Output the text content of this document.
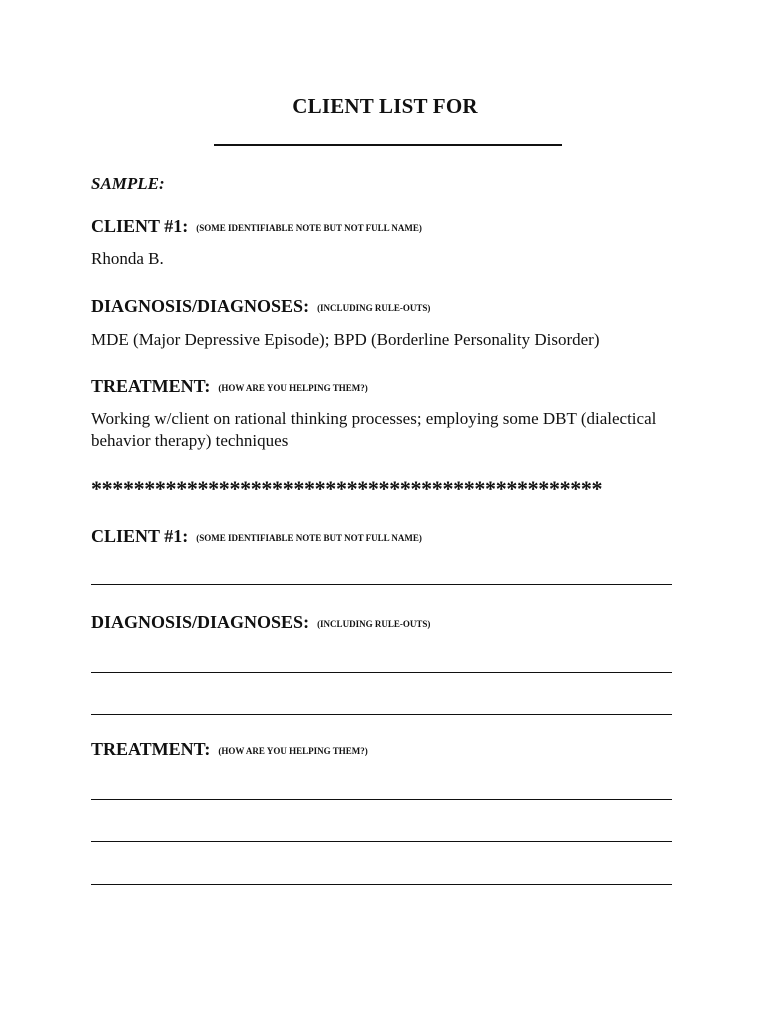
CLIENT LIST FOR
SAMPLE:
CLIENT #1: (SOME IDENTIFIABLE NOTE BUT NOT FULL NAME)
Rhonda B.
DIAGNOSIS/DIAGNOSES: (INCLUDING RULE-OUTS)
MDE (Major Depressive Episode); BPD (Borderline Personality Disorder)
TREATMENT: (HOW ARE YOU HELPING THEM?)
Working w/client on rational thinking processes; employing some DBT (dialectical behavior therapy) techniques
************************************************
CLIENT #1: (SOME IDENTIFIABLE NOTE BUT NOT FULL NAME)
DIAGNOSIS/DIAGNOSES: (INCLUDING RULE-OUTS)
TREATMENT: (HOW ARE YOU HELPING THEM?)
